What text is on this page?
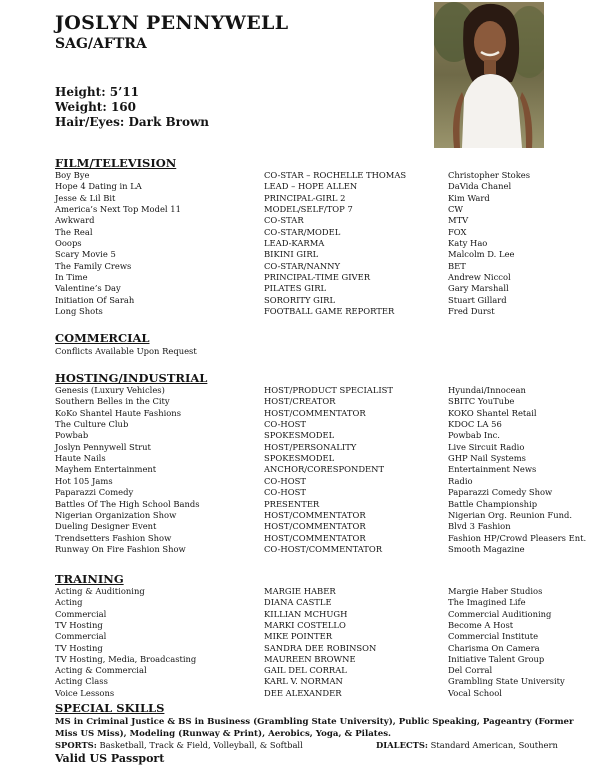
JOSLYN PENNYWELL
SAG/AFTRA
Height: 5’11
Weight: 160
Hair/Eyes: Dark Brown
FILM/TELEVISION
Boy Bye	CO-STAR – ROCHELLE THOMAS	Christopher Stokes
Hope 4 Dating in LA	LEAD – HOPE ALLEN	DaVida Chanel
Jesse & Lil Bit	PRINCIPAL-GIRL 2	Kim Ward
America’s Next Top Model 11	MODEL/SELF/TOP 7	CW
Awkward	CO-STAR	MTV
The Real	CO-STAR/MODEL	FOX
Ooops	LEAD-KARMA	Katy Hao
Scary Movie 5	BIKINI GIRL	Malcolm D. Lee
The Family Crews	CO-STAR/NANNY	BET
In Time	PRINCIPAL-TIME GIVER	Andrew Niccol
Valentine’s Day	PILATES GIRL	Gary Marshall
Initiation Of Sarah	SORORITY GIRL	Stuart Gillard
Long Shots	FOOTBALL GAME REPORTER	Fred Durst
COMMERCIAL
Conflicts Available Upon Request
HOSTING/INDUSTRIAL
Genesis (Luxury Vehicles)	HOST/PRODUCT SPECIALIST	Hyundai/Innocean
Southern Belles in the City	HOST/CREATOR	SBITC YouTube
KoKo Shantel Haute Fashions	HOST/COMMENTATOR	KOKO Shantel Retail
The Culture Club	CO-HOST	KDOC LA 56
Powbab	SPOKESMODEL	Powbab Inc.
Joslyn Pennywell Strut	HOST/PERSONALITY	Live Sircuit Radio
Haute Nails	SPOKESMODEL	GHP Nail Systems
Mayhem Entertainment	ANCHOR/CORESPONDENT	Entertainment News
Hot 105 Jams	CO-HOST	Radio
Paparazzi Comedy	CO-HOST	Paparazzi Comedy Show
Battles Of The High School Bands	PRESENTER	Battle Championship
Nigerian Organization Show	HOST/COMMENTATOR	Nigerian Org. Reunion Fund.
Dueling Designer Event	HOST/COMMENTATOR	Blvd 3 Fashion
Trendsetters Fashion Show	HOST/COMMENTATOR	Fashion HP/Crowd Pleasers Ent.
Runway On Fire Fashion Show	CO-HOST/COMMENTATOR	Smooth Magazine
TRAINING
Acting & Auditioning	MARGIE HABER	Margie Haber Studios
Acting	DIANA CASTLE	The Imagined Life
Commercial	KILLIAN MCHUGH	Commercial Auditioning
TV Hosting	MARKI COSTELLO	Become A Host
Commercial	MIKE POINTER	Commercial Institute
TV Hosting	SANDRA DEE ROBINSON	Charisma On Camera
TV Hosting, Media, Broadcasting	MAUREEN BROWNE	Initiative Talent Group
Acting & Commercial	GAIL DEL CORRAL	Del Corral
Acting Class	KARL V. NORMAN	Grambling State University
Voice Lessons	DEE ALEXANDER	Vocal School
SPECIAL SKILLS
MS in Criminal Justice & BS in Business (Grambling State University), Public Speaking, Pageantry (Former Miss US Miss), Modeling (Runway & Print), Aerobics, Yoga, & Pilates.
SPORTS: Basketball, Track & Field, Volleyball, & Softball	DIALECTS: Standard American, Southern
Valid US Passport
